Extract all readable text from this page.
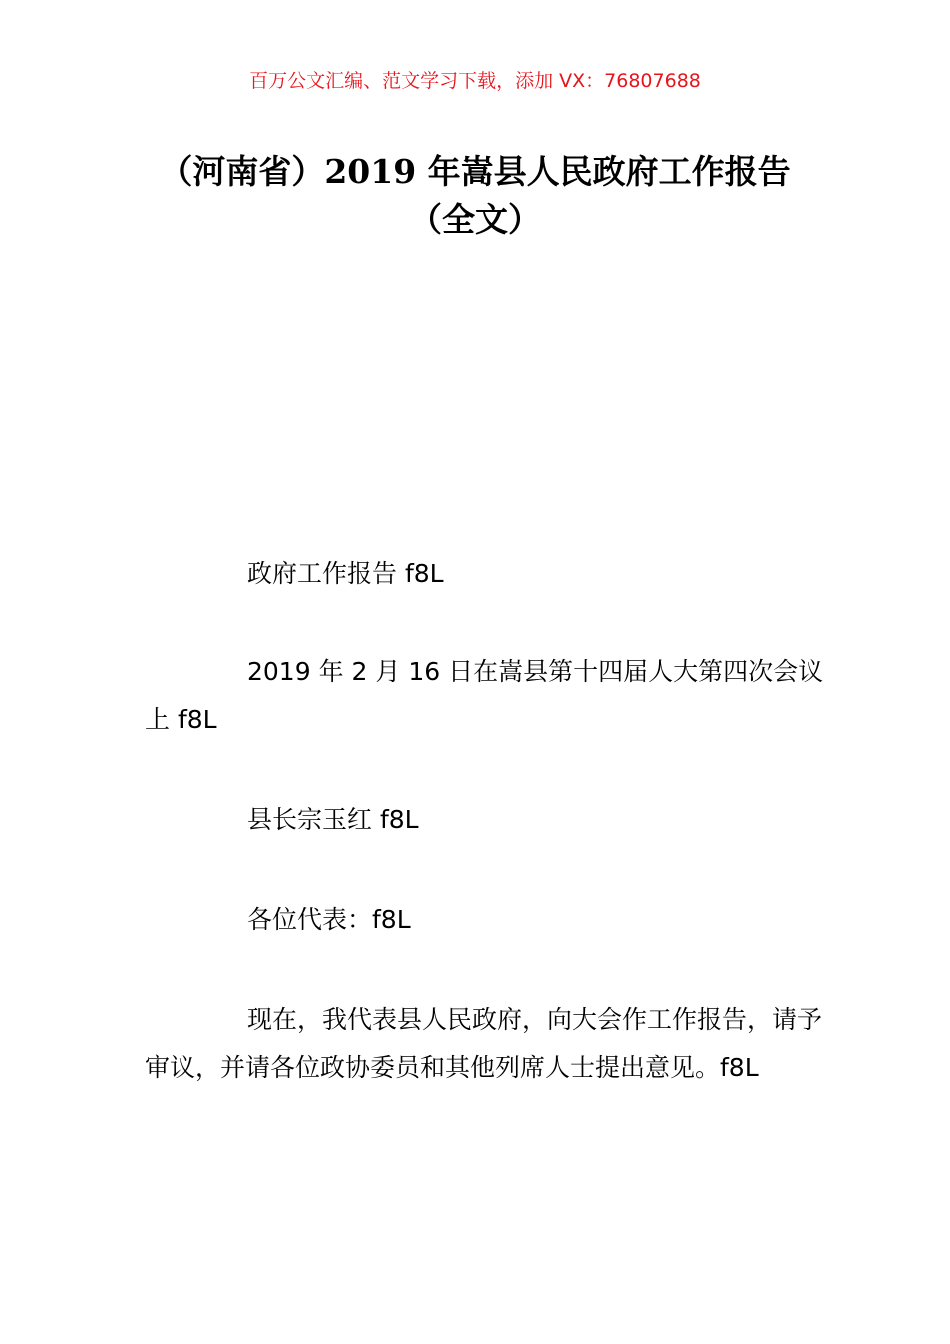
百万公文汇编、范文学习下载，添加 VX：76807688
（河南省）2019 年嵩县人民政府工作报告（全文）

政府工作报告 f8L

2019 年 2 月 16 日在嵩县第十四届人大第四次会议上 f8L

县长宗玉红 f8L

各位代表：f8L

现在，我代表县人民政府，向大会作工作报告，请予审议，并请各位政协委员和其他列席人士提出意见。f8L
